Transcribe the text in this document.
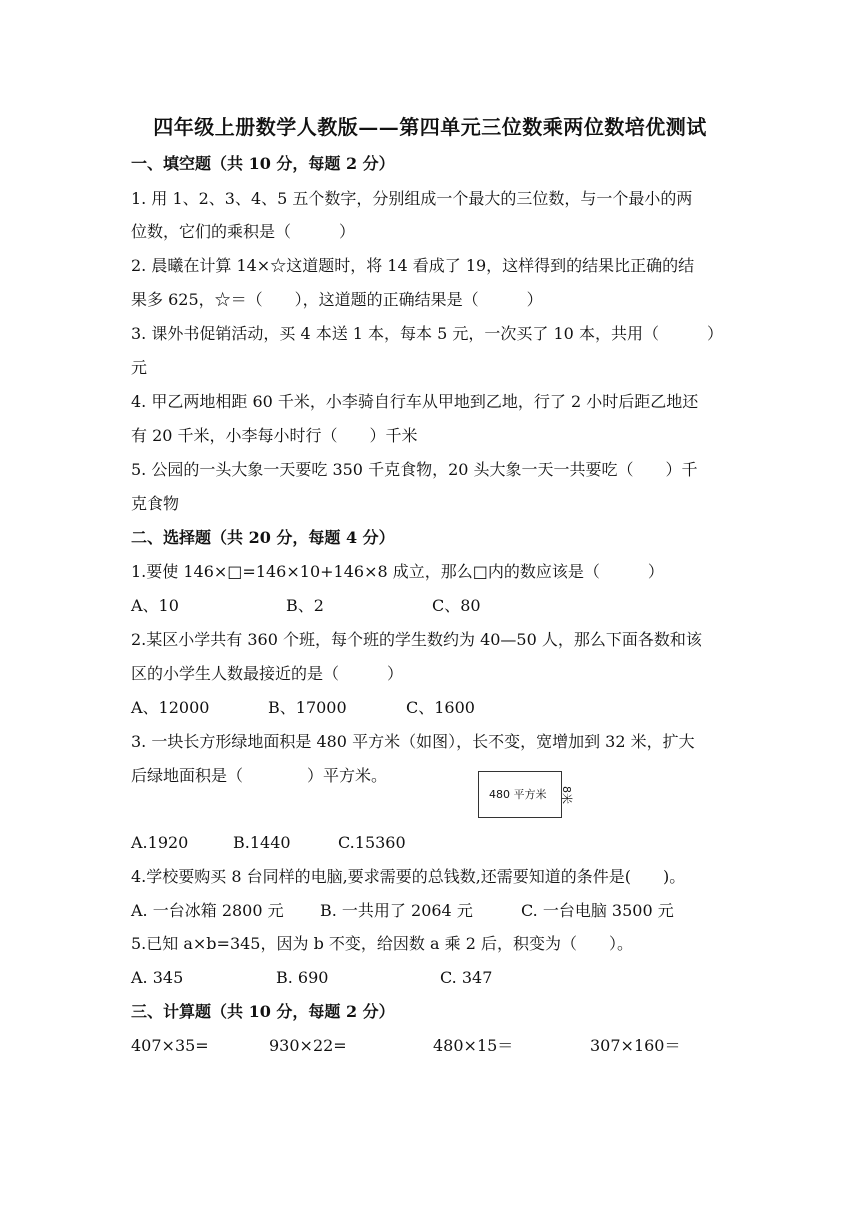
四年级上册数学人教版——第四单元三位数乘两位数培优测试
一、填空题（共 10 分，每题 2 分）
1. 用 1、2、3、4、5 五个数字，分别组成一个最大的三位数，与一个最小的两
位数，它们的乘积是（　　　）
2. 晨曦在计算 14×☆这道题时，将 14 看成了 19，这样得到的结果比正确的结
果多 625，☆＝（　　），这道题的正确结果是（　　　）
3. 课外书促销活动，买 4 本送 1 本，每本 5 元，一次买了 10 本，共用（　　　）
元
4. 甲乙两地相距 60 千米，小李骑自行车从甲地到乙地，行了 2 小时后距乙地还
有 20 千米，小李每小时行（　　）千米
5. 公园的一头大象一天要吃 350 千克食物，20 头大象一天一共要吃（　　）千
克食物
二、选择题（共 20 分，每题 4 分）
1.要使 146×□=146×10+146×8 成立，那么□内的数应该是（　　　）
A、10	B、2	C、80
2.某区小学共有 360 个班，每个班的学生数约为 40—50 人，那么下面各数和该
区的小学生人数最接近的是（　　　）
A、12000	B、17000	C、1600
3. 一块长方形绿地面积是 480 平方米（如图），长不变，宽增加到 32 米，扩大
后绿地面积是（　　　　）平方米。
480 平方米 8米
A.1920	B.1440	C.15360
4.学校要购买 8 台同样的电脑,要求需要的总钱数,还需要知道的条件是(　　)。
A. 一台冰箱 2800 元 B. 一共用了 2064 元	C. 一台电脑 3500 元
5.已知 a×b=345，因为 b 不变，给因数 a 乘 2 后，积变为（　　）。
A. 345	B. 690	C. 347
三、计算题（共 10 分，每题 2 分）
407×35=	930×22=	480×15＝	307×160＝
